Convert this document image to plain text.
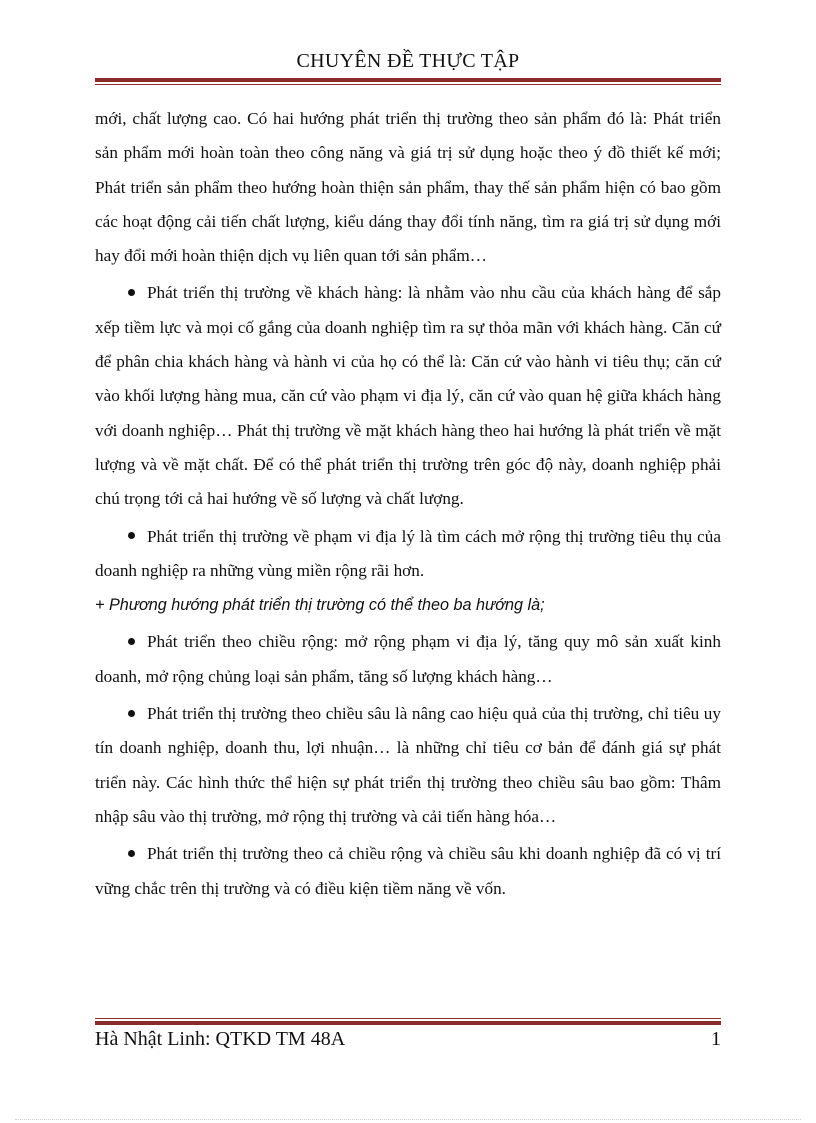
CHUYÊN ĐỀ THỰC TẬP

mới, chất lượng cao. Có hai hướng phát triển thị trường theo sản phẩm đó là: Phát triển sản phẩm mới hoàn toàn theo công năng và giá trị sử dụng hoặc theo ý đồ thiết kế mới; Phát triển sản phẩm theo hướng hoàn thiện sản phẩm, thay thế sản phẩm hiện có bao gồm các hoạt động cải tiến chất lượng, kiểu dáng thay đổi tính năng, tìm ra giá trị sử dụng mới hay đổi mới hoàn thiện dịch vụ liên quan tới sản phẩm…

Phát triển thị trường về khách hàng: là nhằm vào nhu cầu của khách hàng để sắp xếp tiềm lực và mọi cố gắng của doanh nghiệp tìm ra sự thỏa mãn với khách hàng. Căn cứ để phân chia khách hàng và hành vi của họ có thể là: Căn cứ vào hành vi tiêu thụ; căn cứ vào khối lượng hàng mua, căn cứ vào phạm vi địa lý, căn cứ vào quan hệ giữa khách hàng với doanh nghiệp… Phát thị trường về mặt khách hàng theo hai hướng là phát triển về mặt lượng và về mặt chất. Để có thể phát triển thị trường trên góc độ này, doanh nghiệp phải chú trọng tới cả hai hướng về số lượng và chất lượng.

Phát triển thị trường về phạm vi địa lý là tìm cách mở rộng thị trường tiêu thụ của doanh nghiệp ra những vùng miền rộng rãi hơn.

+ Phương hướng phát triển thị trường có thể theo ba hướng là;

Phát triển theo chiều rộng: mở rộng phạm vi địa lý, tăng quy mô sản xuất kinh doanh, mở rộng chủng loại sản phẩm, tăng số lượng khách hàng…

Phát triển thị trường theo chiều sâu là nâng cao hiệu quả của thị trường, chỉ tiêu uy tín doanh nghiệp, doanh thu, lợi nhuận… là những chỉ tiêu cơ bản để đánh giá sự phát triển này. Các hình thức thể hiện sự phát triển thị trường theo chiều sâu bao gồm: Thâm nhập sâu vào thị trường, mở rộng thị trường và cải tiến hàng hóa…

Phát triển thị trường theo cả chiều rộng và chiều sâu khi doanh nghiệp đã có vị trí vững chắc trên thị trường và có điều kiện tiềm năng về vốn.

Hà Nhật Linh: QTKD TM 48A	1
